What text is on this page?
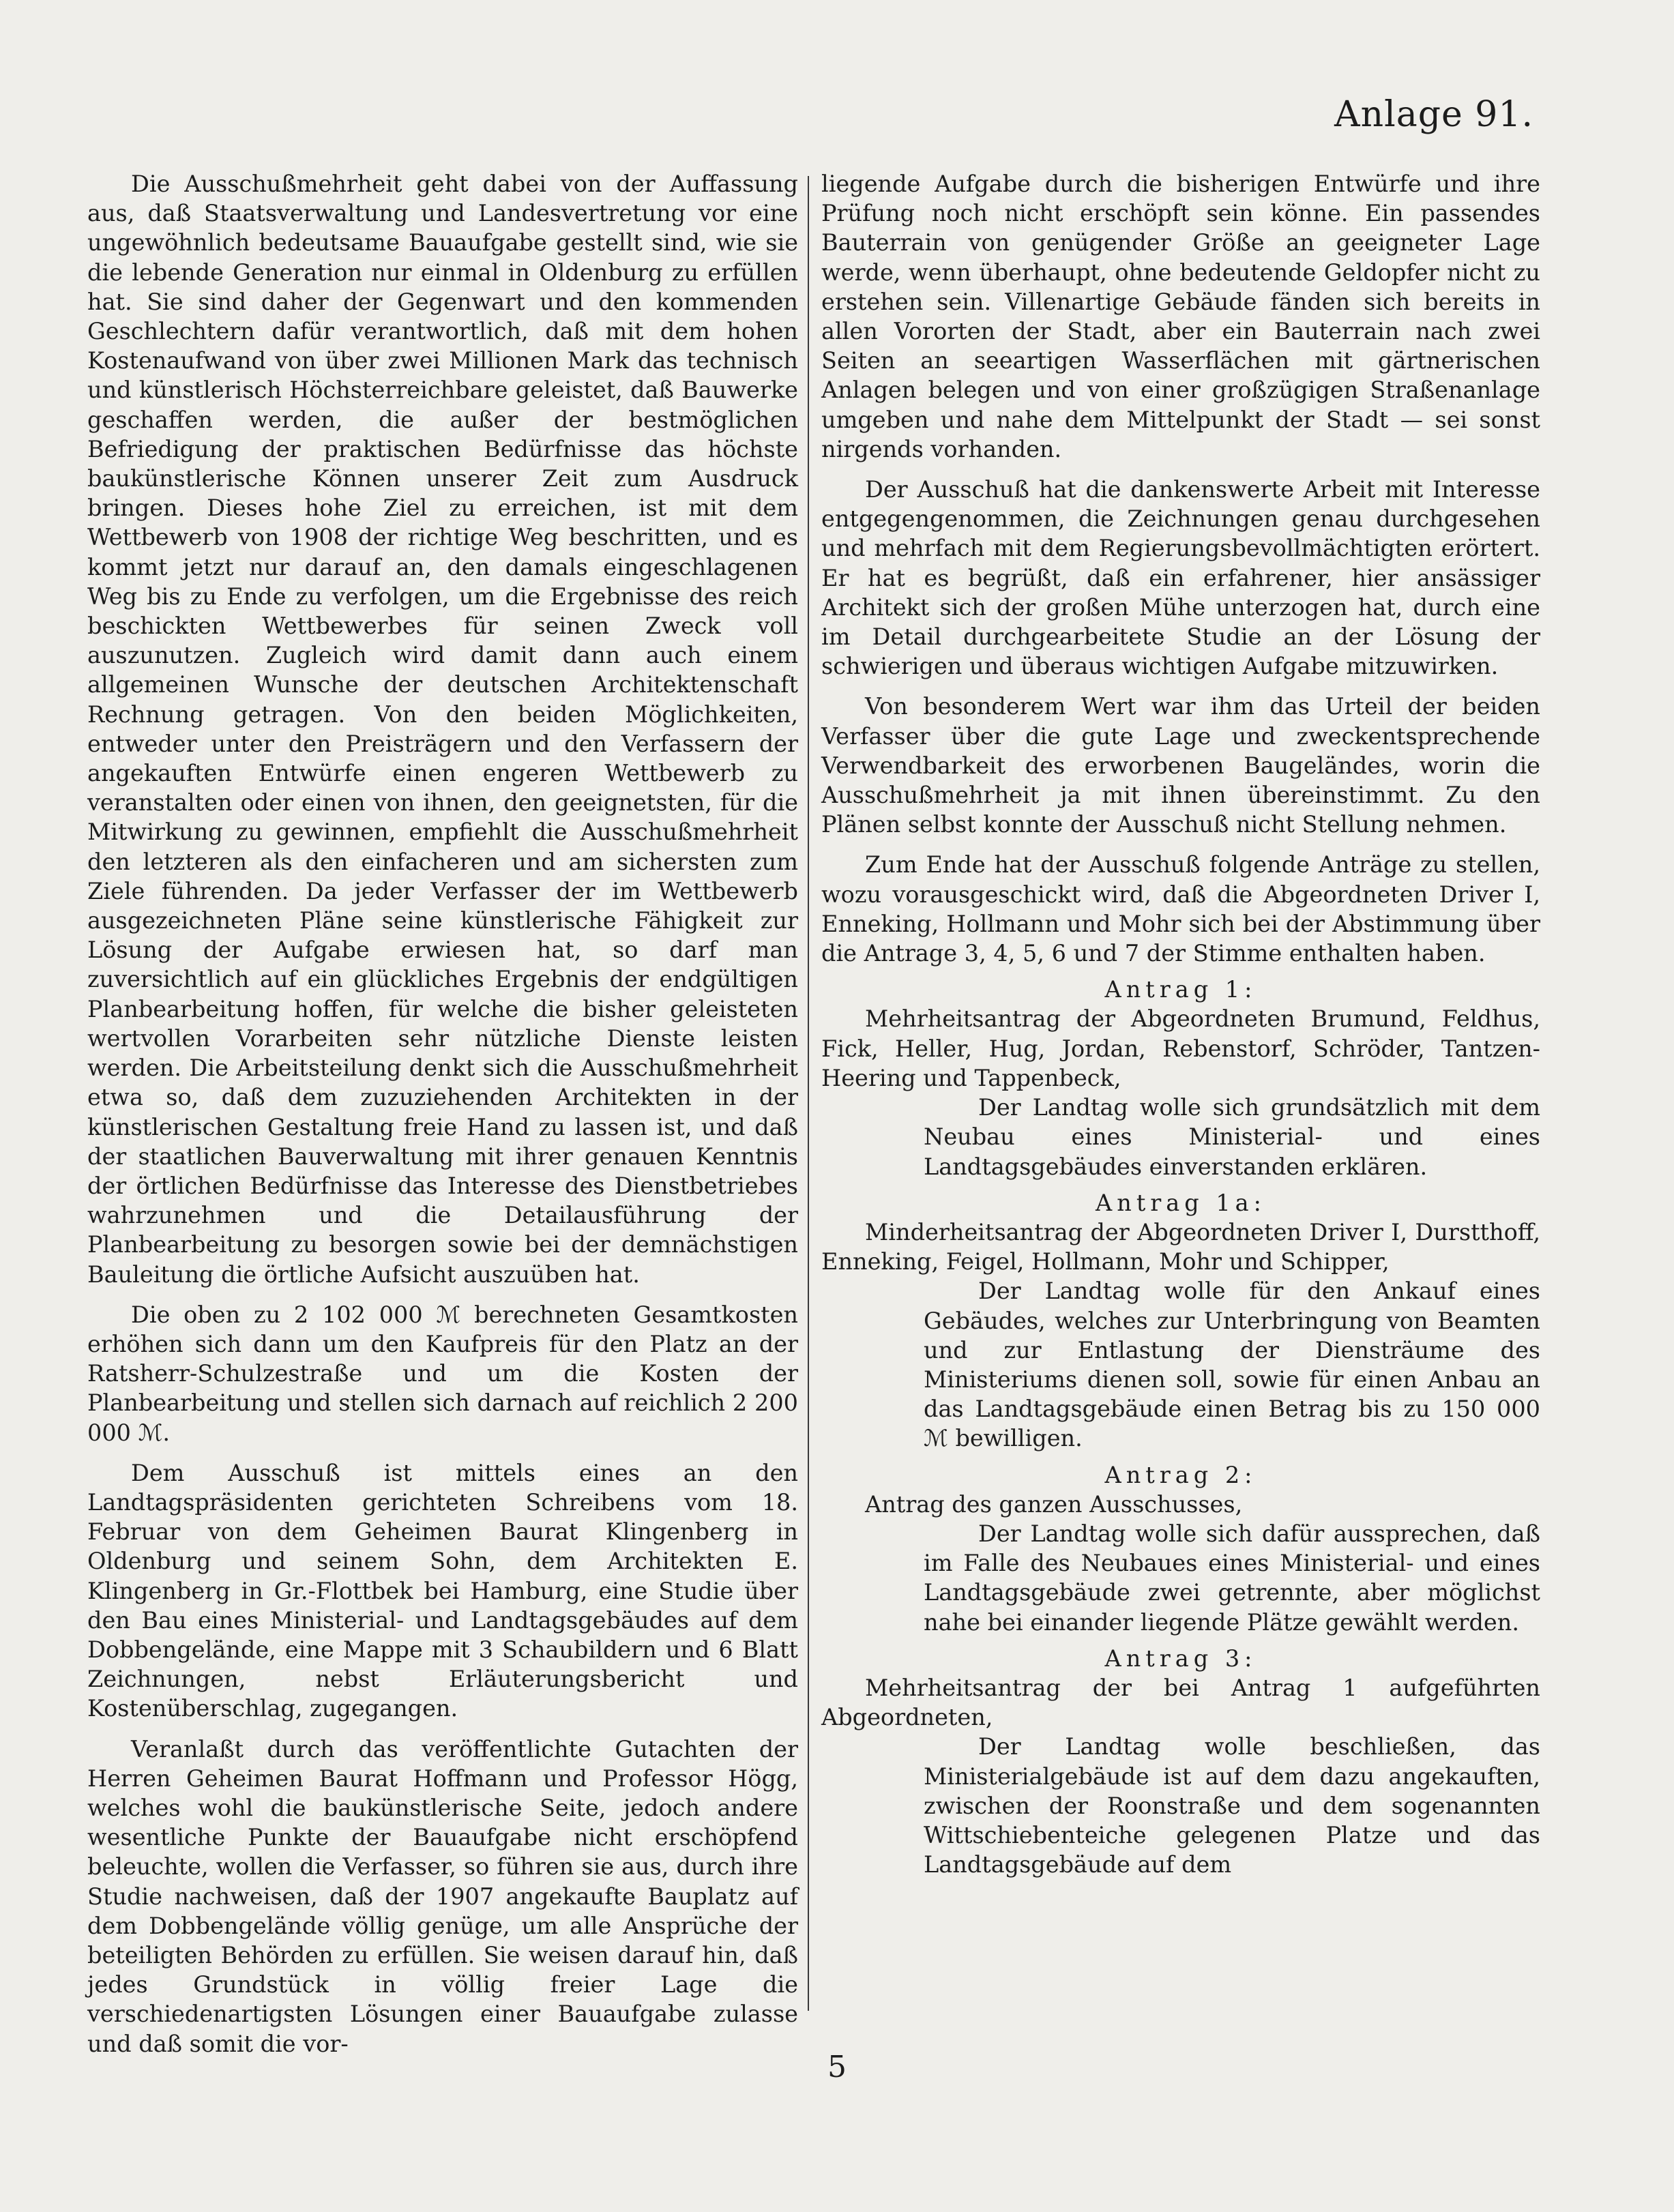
Anlage 91.

Die Ausschußmehrheit geht dabei von der Auffassung aus, daß Staatsverwaltung und Landesvertretung vor eine ungewöhnlich bedeutsame Bauaufgabe gestellt sind, wie sie die lebende Generation nur einmal in Oldenburg zu erfüllen hat. Sie sind daher der Gegenwart und den kommenden Geschlechtern dafür verantwortlich, daß mit dem hohen Kostenaufwand von über zwei Millionen Mark das technisch und künstlerisch Höchsterreichbare geleistet, daß Bauwerke geschaffen werden, die außer der bestmöglichen Befriedigung der praktischen Bedürfnisse das höchste baukünstlerische Können unserer Zeit zum Ausdruck bringen. Dieses hohe Ziel zu erreichen, ist mit dem Wettbewerb von 1908 der richtige Weg beschritten, und es kommt jetzt nur darauf an, den damals eingeschlagenen Weg bis zu Ende zu verfolgen, um die Ergebnisse des reich beschickten Wettbewerbes für seinen Zweck voll auszunutzen. Zugleich wird damit dann auch einem allgemeinen Wunsche der deutschen Architektenschaft Rechnung getragen. Von den beiden Möglichkeiten, entweder unter den Preisträgern und den Verfassern der angekauften Entwürfe einen engeren Wettbewerb zu veranstalten oder einen von ihnen, den geeignetsten, für die Mitwirkung zu gewinnen, empfiehlt die Ausschußmehrheit den letzteren als den einfacheren und am sichersten zum Ziele führenden. Da jeder Verfasser der im Wettbewerb ausgezeichneten Pläne seine künstlerische Fähigkeit zur Lösung der Aufgabe erwiesen hat, so darf man zuversichtlich auf ein glückliches Ergebnis der endgültigen Planbearbeitung hoffen, für welche die bisher geleisteten wertvollen Vorarbeiten sehr nützliche Dienste leisten werden. Die Arbeitsteilung denkt sich die Ausschußmehrheit etwa so, daß dem zuzuziehenden Architekten in der künstlerischen Gestaltung freie Hand zu lassen ist, und daß der staatlichen Bauverwaltung mit ihrer genauen Kenntnis der örtlichen Bedürfnisse das Interesse des Dienstbetriebes wahrzunehmen und die Detailausführung der Planbearbeitung zu besorgen sowie bei der demnächstigen Bauleitung die örtliche Aufsicht auszuüben hat.

Die oben zu 2 102 000 ℳ berechneten Gesamtkosten erhöhen sich dann um den Kaufpreis für den Platz an der Ratsherr-Schulzestraße und um die Kosten der Planbearbeitung und stellen sich darnach auf reichlich 2 200 000 ℳ.

Dem Ausschuß ist mittels eines an den Landtagspräsidenten gerichteten Schreibens vom 18. Februar von dem Geheimen Baurat Klingenberg in Oldenburg und seinem Sohn, dem Architekten E. Klingenberg in Gr.-Flottbek bei Hamburg, eine Studie über den Bau eines Ministerial- und Landtagsgebäudes auf dem Dobbengelände, eine Mappe mit 3 Schaubildern und 6 Blatt Zeichnungen, nebst Erläuterungsbericht und Kostenüberschlag, zugegangen.

Veranlaßt durch das veröffentlichte Gutachten der Herren Geheimen Baurat Hoffmann und Professor Högg, welches wohl die baukünstlerische Seite, jedoch andere wesentliche Punkte der Bauaufgabe nicht erschöpfend beleuchte, wollen die Verfasser, so führen sie aus, durch ihre Studie nachweisen, daß der 1907 angekaufte Bauplatz auf dem Dobbengelände völlig genüge, um alle Ansprüche der beteiligten Behörden zu erfüllen. Sie weisen darauf hin, daß jedes Grundstück in völlig freier Lage die verschiedenartigsten Lösungen einer Bauaufgabe zulasse und daß somit die vor-

liegende Aufgabe durch die bisherigen Entwürfe und ihre Prüfung noch nicht erschöpft sein könne. Ein passendes Bauterrain von genügender Größe an geeigneter Lage werde, wenn überhaupt, ohne bedeutende Geldopfer nicht zu erstehen sein. Villenartige Gebäude fänden sich bereits in allen Vororten der Stadt, aber ein Bauterrain nach zwei Seiten an seeartigen Wasserflächen mit gärtnerischen Anlagen belegen und von einer großzügigen Straßenanlage umgeben und nahe dem Mittelpunkt der Stadt — sei sonst nirgends vorhanden.

Der Ausschuß hat die dankenswerte Arbeit mit Interesse entgegengenommen, die Zeichnungen genau durchgesehen und mehrfach mit dem Regierungsbevollmächtigten erörtert. Er hat es begrüßt, daß ein erfahrener, hier ansässiger Architekt sich der großen Mühe unterzogen hat, durch eine im Detail durchgearbeitete Studie an der Lösung der schwierigen und überaus wichtigen Aufgabe mitzuwirken.

Von besonderem Wert war ihm das Urteil der beiden Verfasser über die gute Lage und zweckentsprechende Verwendbarkeit des erworbenen Baugeländes, worin die Ausschußmehrheit ja mit ihnen übereinstimmt. Zu den Plänen selbst konnte der Ausschuß nicht Stellung nehmen.

Zum Ende hat der Ausschuß folgende Anträge zu stellen, wozu vorausgeschickt wird, daß die Abgeordneten Driver I, Enneking, Hollmann und Mohr sich bei der Abstimmung über die Antrage 3, 4, 5, 6 und 7 der Stimme enthalten haben.

Antrag 1:

Mehrheitsantrag der Abgeordneten Brumund, Feldhus, Fick, Heller, Hug, Jordan, Rebenstorf, Schröder, Tantzen-Heering und Tappenbeck,

Der Landtag wolle sich grundsätzlich mit dem Neubau eines Ministerial- und eines Landtagsgebäudes einverstanden erklären.

Antrag 1a:

Minderheitsantrag der Abgeordneten Driver I, Durstthoff, Enneking, Feigel, Hollmann, Mohr und Schipper,

Der Landtag wolle für den Ankauf eines Gebäudes, welches zur Unterbringung von Beamten und zur Entlastung der Diensträume des Ministeriums dienen soll, sowie für einen Anbau an das Landtagsgebäude einen Betrag bis zu 150 000 ℳ bewilligen.

Antrag 2:

Antrag des ganzen Ausschusses,

Der Landtag wolle sich dafür aussprechen, daß im Falle des Neubaues eines Ministerial- und eines Landtagsgebäude zwei getrennte, aber möglichst nahe bei einander liegende Plätze gewählt werden.

Antrag 3:

Mehrheitsantrag der bei Antrag 1 aufgeführten Abgeordneten,

Der Landtag wolle beschließen, das Ministerialgebäude ist auf dem dazu angekauften, zwischen der Roonstraße und dem sogenannten Wittschiebenteiche gelegenen Platze und das Landtagsgebäude auf dem

5
